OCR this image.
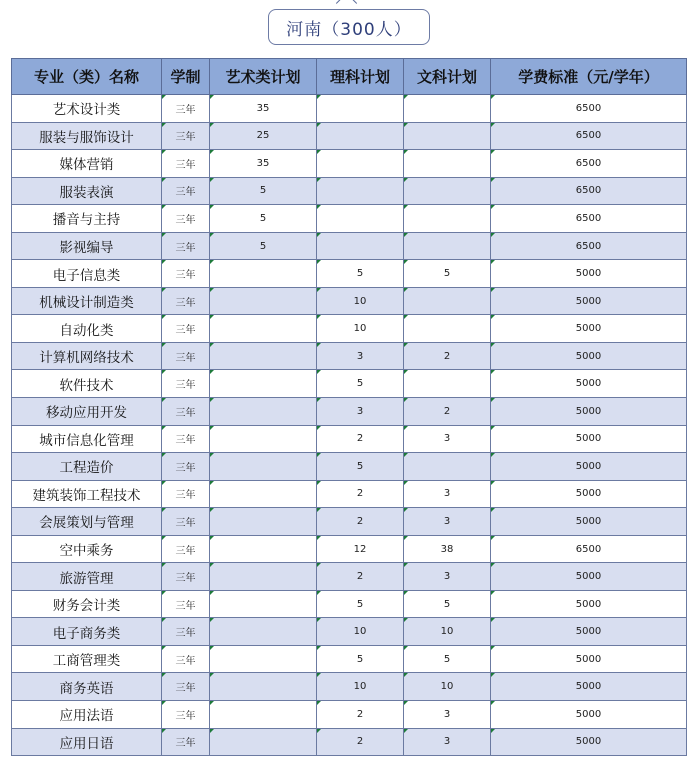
河南（300人）
专业（类）名称	学制	艺术类计划	理科计划	文科计划	学费标准（元/学年）
艺术设计类	三年	35			6500
服装与服饰设计	三年	25			6500
媒体营销	三年	35			6500
服装表演	三年	5			6500
播音与主持	三年	5			6500
影视编导	三年	5			6500
电子信息类	三年		5	5	5000
机械设计制造类	三年		10		5000
自动化类	三年		10		5000
计算机网络技术	三年		3	2	5000
软件技术	三年		5		5000
移动应用开发	三年		3	2	5000
城市信息化管理	三年		2	3	5000
工程造价	三年		5		5000
建筑装饰工程技术	三年		2	3	5000
会展策划与管理	三年		2	3	5000
空中乘务	三年		12	38	6500
旅游管理	三年		2	3	5000
财务会计类	三年		5	5	5000
电子商务类	三年		10	10	5000
工商管理类	三年		5	5	5000
商务英语	三年		10	10	5000
应用法语	三年		2	3	5000
应用日语	三年		2	3	5000
